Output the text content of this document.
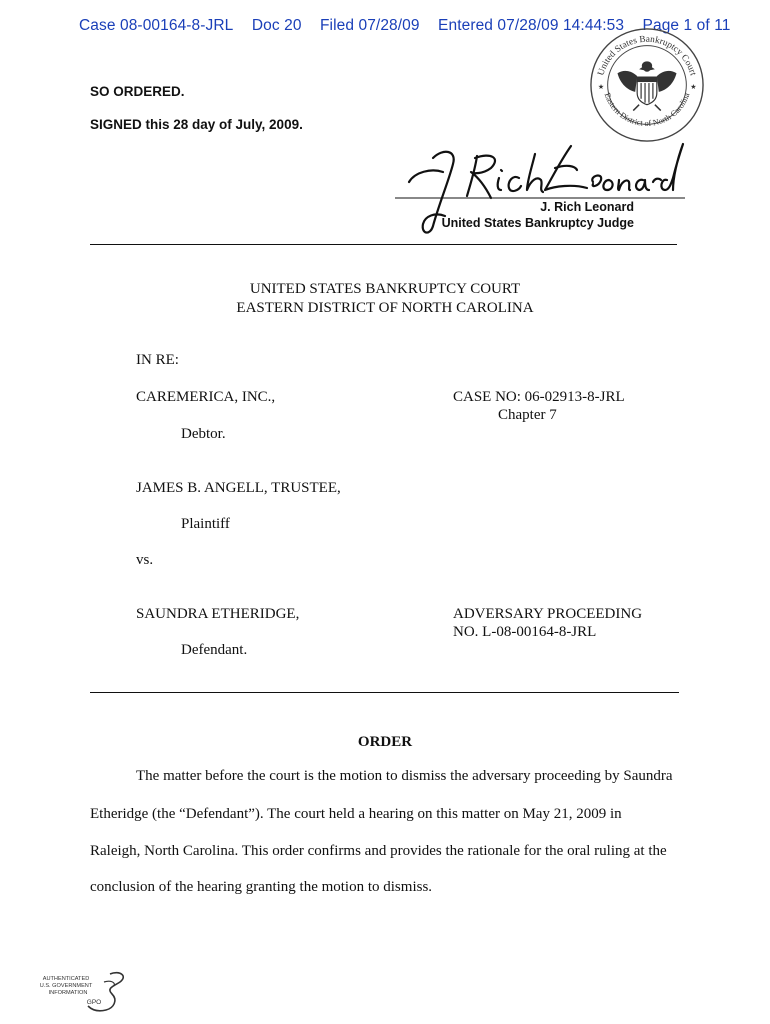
Case 08-00164-8-JRL Doc 20 Filed 07/28/09 Entered 07/28/09 14:44:53 Page 1 of 11
United States Bankruptcy Court
Eastern District of North Carolina
★	★
SO ORDERED.
SIGNED this 28 day of July, 2009.
J. Rich Leonard
United States Bankruptcy Judge
UNITED STATES BANKRUPTCY COURT
EASTERN DISTRICT OF NORTH CAROLINA
IN RE:
CAREMERICA, INC.,
Debtor.
CASE NO: 06-02913-8-JRL
Chapter 7
JAMES B. ANGELL, TRUSTEE,
Plaintiff
vs.
SAUNDRA ETHERIDGE,
Defendant.
ADVERSARY PROCEEDING
NO. L-08-00164-8-JRL
ORDER
The matter before the court is the motion to dismiss the adversary proceeding by Saundra
Etheridge (the “Defendant”). The court held a hearing on this matter on May 21, 2009 in
Raleigh, North Carolina. This order confirms and provides the rationale for the oral ruling at the
conclusion of the hearing granting the motion to dismiss.
AUTHENTICATED
U.S. GOVERNMENT
INFORMATION
GPO
